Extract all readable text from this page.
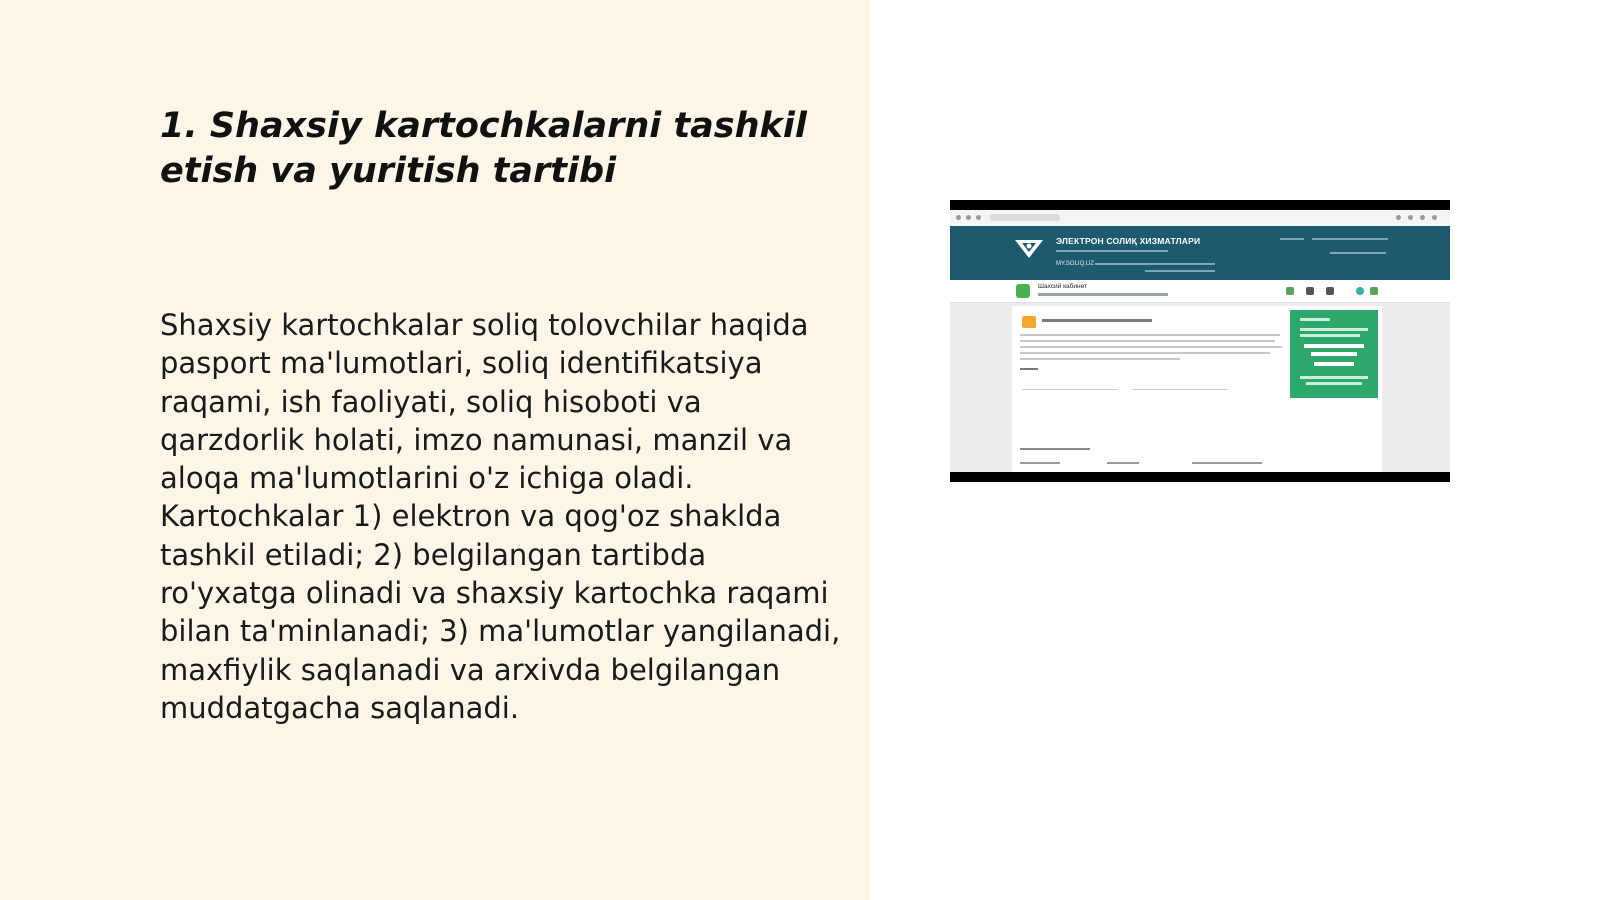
1. Shaxsiy kartochkalarni tashkil etish va yuritish tartibi

Shaxsiy kartochkalar soliq tolovchilar haqida pasport ma'lumotlari, soliq identifikatsiya raqami, ish faoliyati, soliq hisoboti va qarzdorlik holati, imzo namunasi, manzil va aloqa ma'lumotlarini o'z ichiga oladi. Kartochkalar 1) elektron va qog'oz shaklda tashkil etiladi; 2) belgilangan tartibda ro'yxatga olinadi va shaxsiy kartochka raqami bilan ta'minlanadi; 3) ma'lumotlar yangilanadi, maxfiylik saqlanadi va arxivda belgilangan muddatgacha saqlanadi.

ЭЛЕКТРОН СОЛИҚ ХИЗМАТЛАРИ
MY.SOLIQ.UZ
Шахсий кабинет
